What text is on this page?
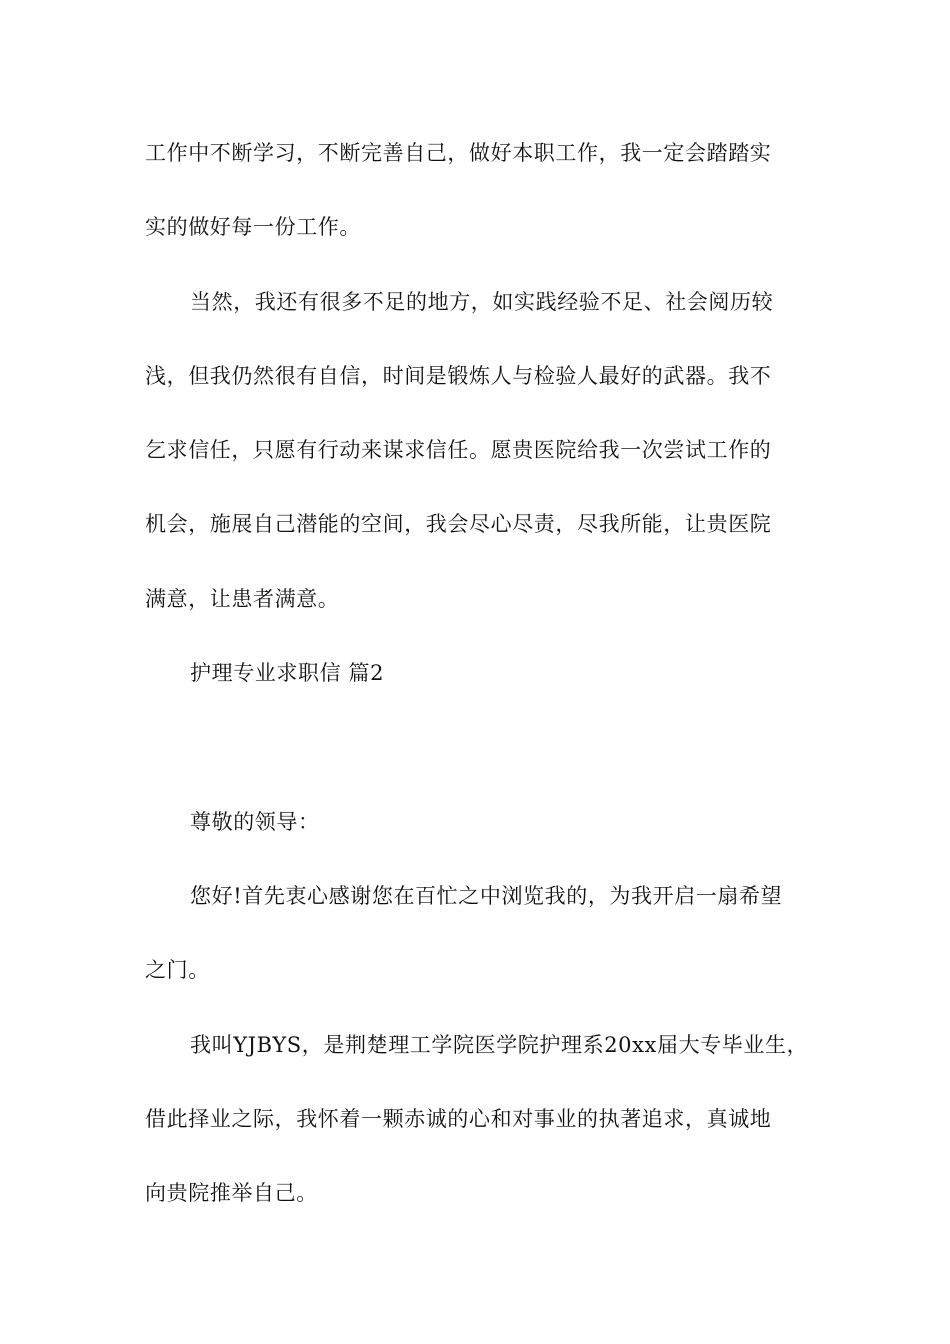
工作中不断学习，不断完善自己，做好本职工作，我一定会踏踏实
实的做好每一份工作。
当然，我还有很多不足的地方，如实践经验不足、社会阅历较
浅，但我仍然很有自信，时间是锻炼人与检验人最好的武器。我不
乞求信任，只愿有行动来谋求信任。愿贵医院给我一次尝试工作的
机会，施展自己潜能的空间，我会尽心尽责，尽我所能，让贵医院
满意，让患者满意。
护理专业求职信 篇2
尊敬的领导：
您好!首先衷心感谢您在百忙之中浏览我的，为我开启一扇希望
之门。
我叫YJBYS，是荆楚理工学院医学院护理系20xx届大专毕业生，
借此择业之际，我怀着一颗赤诚的心和对事业的执著追求，真诚地
向贵院推举自己。
